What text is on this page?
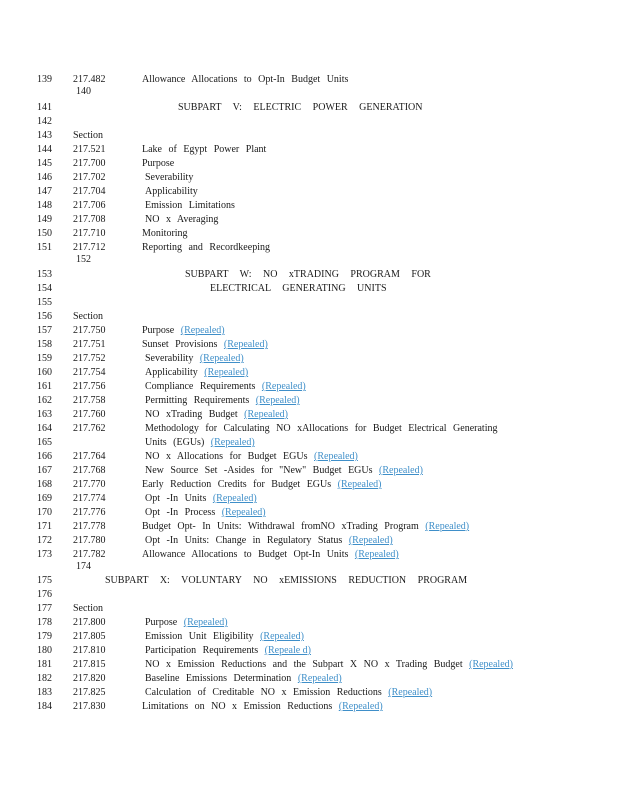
139 217.482	Allowance Allocations to Opt-In Budget Units
140
141	SUBPART V: ELECTRIC POWER GENERATION
142
143 Section
144 217.521	Lake of Egypt Power Plant
145 217.700	Purpose
146 217.702	Severability
147 217.704	Applicability
148 217.706	Emission Limitations
149 217.708	NO x Averaging
150 217.710	Monitoring
151 217.712	Reporting and Recordkeeping
152
153	SUBPART W: NO xTRADING PROGRAM FOR
154	ELECTRICAL GENERATING UNITS
155
156 Section
157 217.750	Purpose (Repealed)
158 217.751	Sunset Provisions (Repealed)
159 217.752	Severability (Repealed)
160 217.754	Applicability (Repealed)
161 217.756	Compliance Requirements (Repealed)
162 217.758	Permitting Requirements (Repealed)
163 217.760	NO xTrading Budget (Repealed)
164 217.762	Methodology for Calculating NO xAllocations for Budget Electrical Generating
165	Units (EGUs) (Repealed)
166 217.764	NO x Allocations for Budget EGUs (Repealed)
167 217.768	New Source Set -Asides for "New" Budget EGUs (Repealed)
168 217.770	Early Reduction Credits for Budget EGUs (Repealed)
169 217.774	Opt -In Units (Repealed)
170 217.776	Opt -In Process (Repealed)
171 217.778	Budget Opt- In Units: Withdrawal fromNO xTrading Program (Repealed)
172 217.780	Opt -In Units: Change in Regulatory Status (Repealed)
173 217.782	Allowance Allocations to Budget Opt-In Units (Repealed)
174
175	SUBPART X: VOLUNTARY NO xEMISSIONS REDUCTION PROGRAM
176
177 Section
178 217.800	Purpose (Repealed)
179 217.805	Emission Unit Eligibility (Repealed)
180 217.810	Participation Requirements (Repeale d)
181 217.815	NO x Emission Reductions and the Subpart X NO x Trading Budget (Repealed)
182 217.820	Baseline Emissions Determination (Repealed)
183 217.825	Calculation of Creditable NO x Emission Reductions (Repealed)
184 217.830	Limitations on NO x Emission Reductions (Repealed)
